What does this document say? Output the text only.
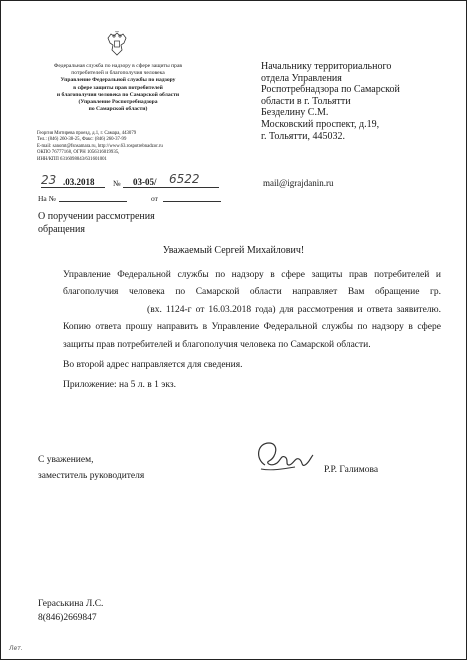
Федеральная служба по надзору в сфере защиты прав
потребителей и благополучия человека
Управление Федеральной службы по надзору
в сфере защиты прав потребителей
и благополучия человека по Самарской области
(Управление Роспотребнадзора
по Самарской области)
Георгия Митирева проезд, д.1, г. Самара, 443079
Тел.: (846) 260-38-25, Факс: (846) 260-37-99
E-mail: sanomt@fsnsamara.ru, http://www.63.rospotrebnadzor.ru
ОКПО 76777168, ОГРН 1056316019935,
ИНН/КПП 6316098843/631601001
23 .03.2018 № 03-05/ 6522
На №	от
Начальнику территориального
отдела Управления
Роспотребнадзора по Самарской
области в г. Тольятти
Безделину С.М.
Московский проспект, д.19,
г. Тольятти, 445032.
mail@igrajdanin.ru
О поручении рассмотрения
обращения
Уважаемый Сергей Михайлович!
Управление Федеральной службы по надзору в сфере защиты прав потребителей и благополучия человека по Самарской области направляет Вам обращение гр.  (вх. 1124-г от 16.03.2018 года) для рассмотрения и ответа заявителю. Копию ответа прошу направить в Управление Федеральной службы по надзору в сфере защиты прав потребителей и благополучия человека по Самарской области.
Во второй адрес направляется для сведения.
Приложение: на 5 л. в 1 экз.
С уважением,
заместитель руководителя
Р.Р. Галимова
Гераськина Л.С.
8(846)2669847
Лет.
